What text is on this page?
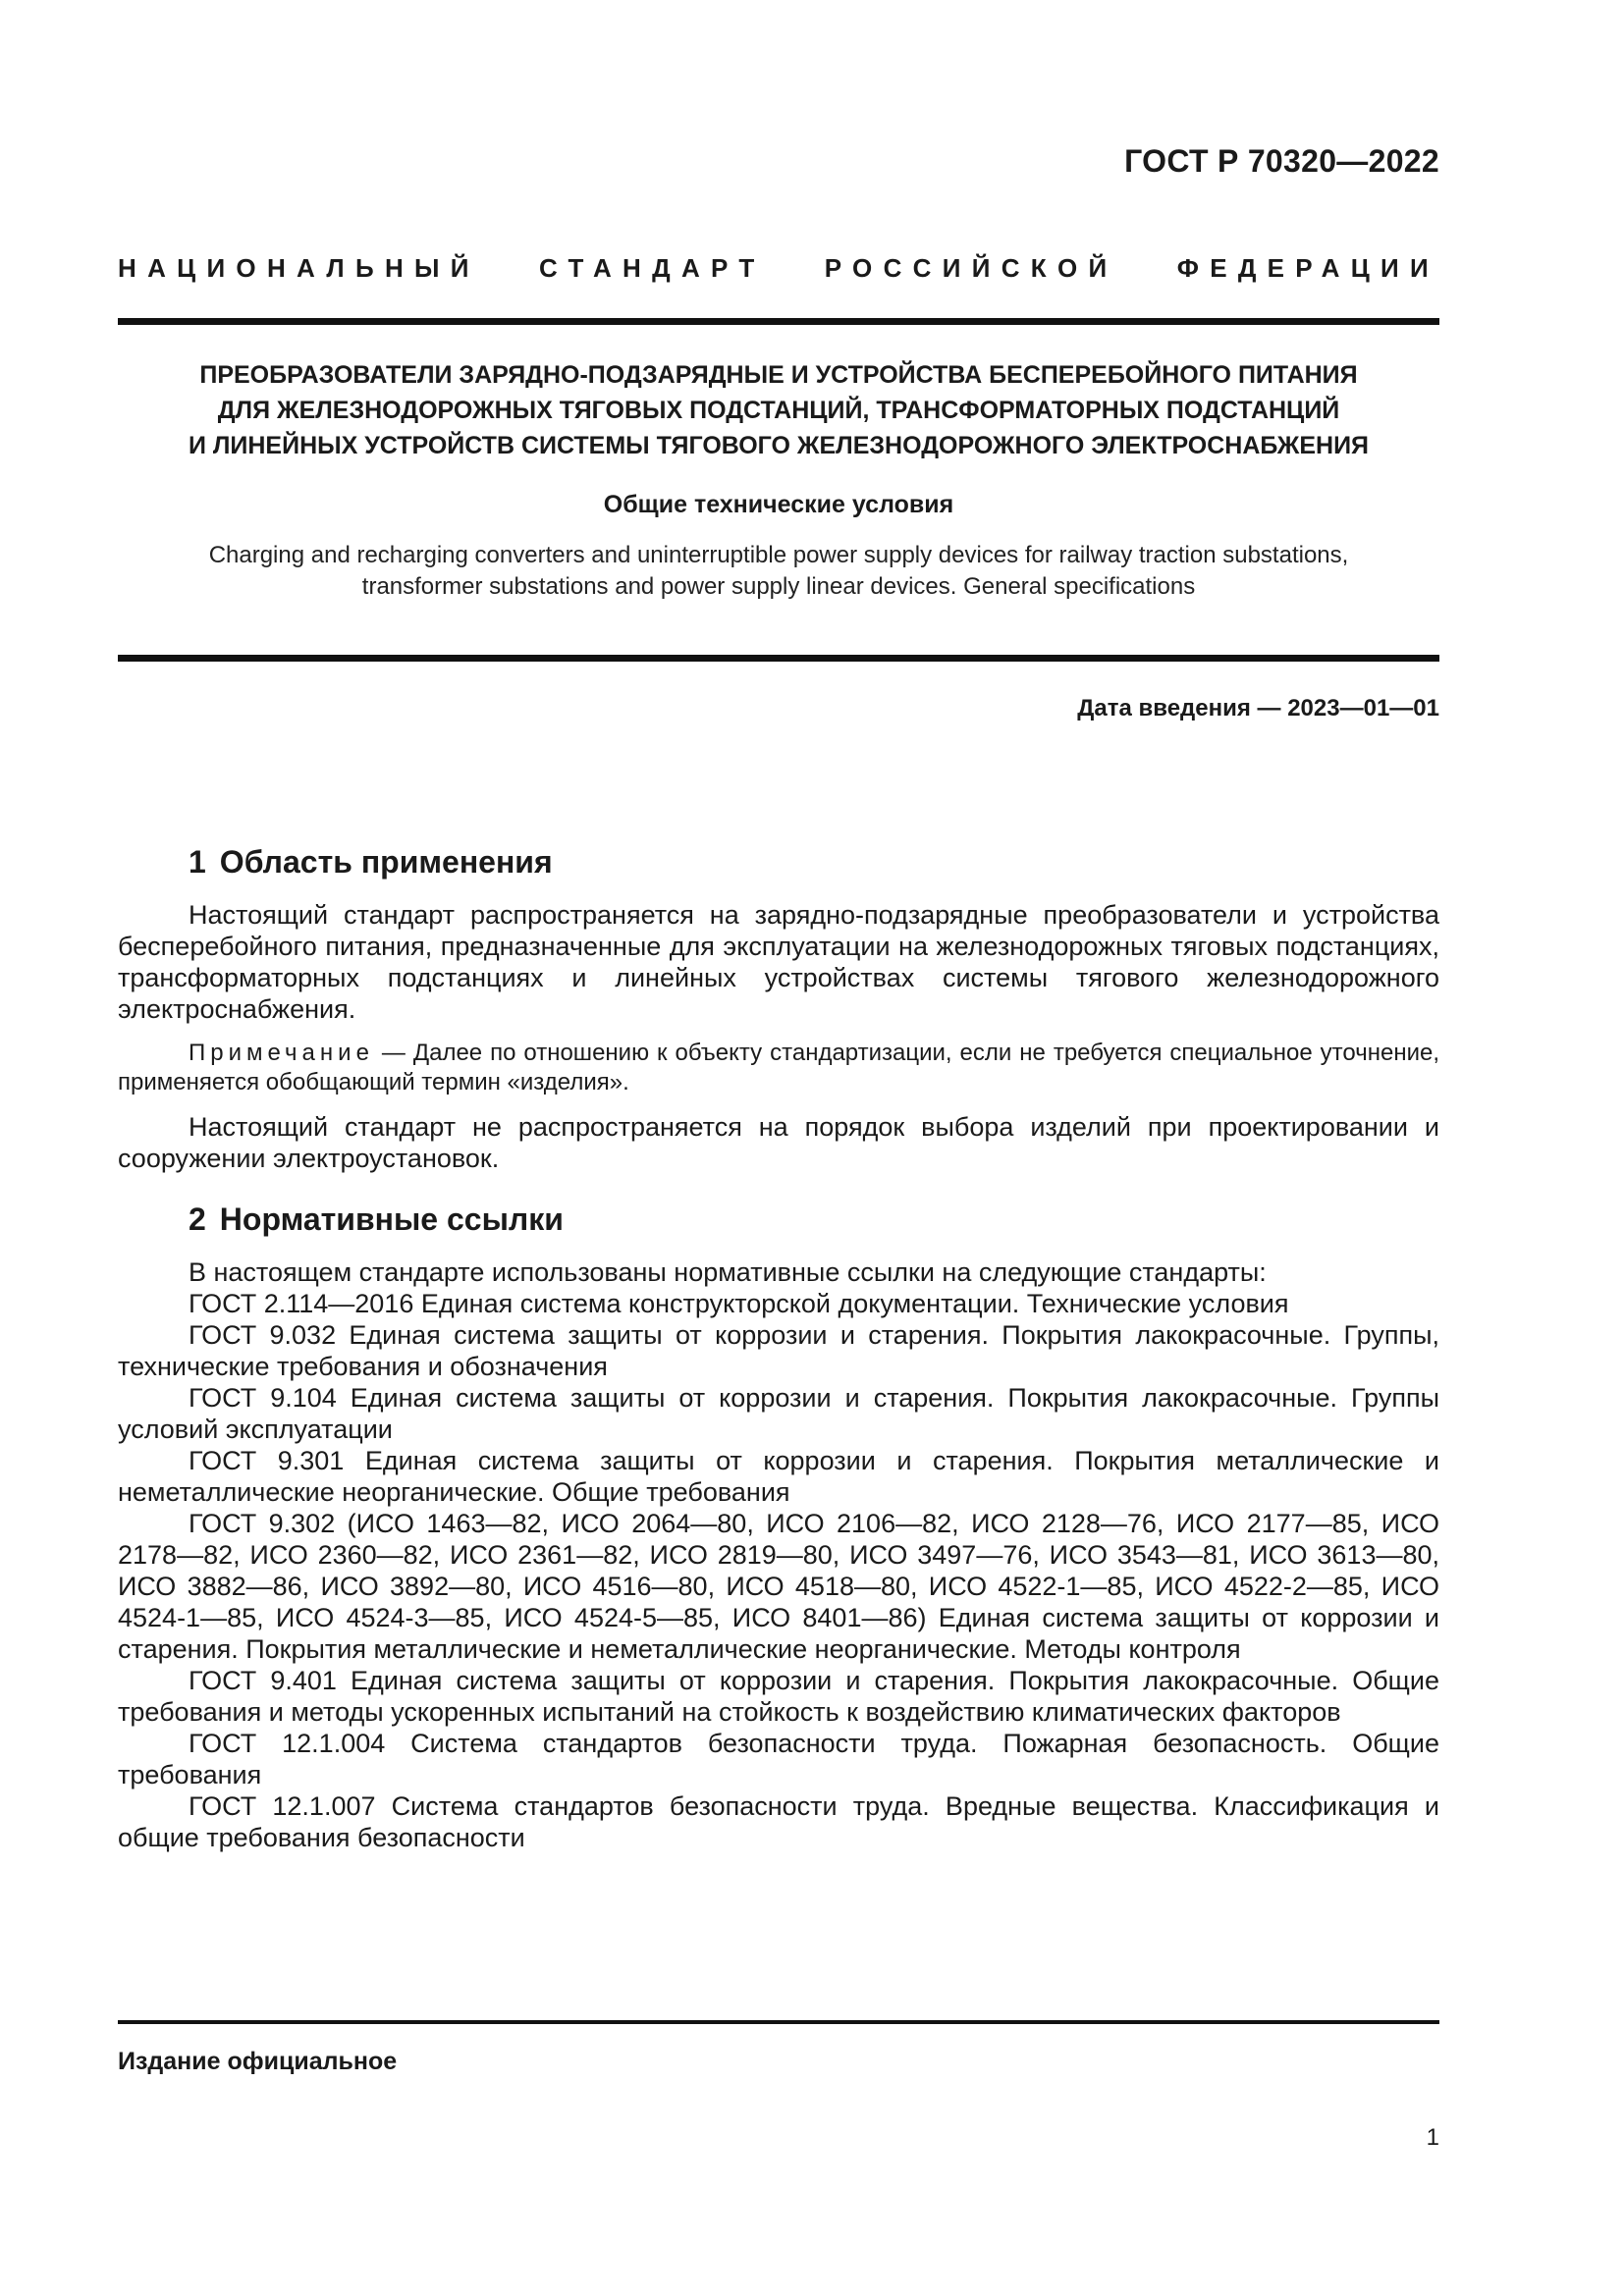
ГОСТ Р 70320—2022
НАЦИОНАЛЬНЫЙ СТАНДАРТ РОССИЙСКОЙ ФЕДЕРАЦИИ
ПРЕОБРАЗОВАТЕЛИ ЗАРЯДНО-ПОДЗАРЯДНЫЕ И УСТРОЙСТВА БЕСПЕРЕБОЙНОГО ПИТАНИЯ
ДЛЯ ЖЕЛЕЗНОДОРОЖНЫХ ТЯГОВЫХ ПОДСТАНЦИЙ, ТРАНСФОРМАТОРНЫХ ПОДСТАНЦИЙ
И ЛИНЕЙНЫХ УСТРОЙСТВ СИСТЕМЫ ТЯГОВОГО ЖЕЛЕЗНОДОРОЖНОГО ЭЛЕКТРОСНАБЖЕНИЯ
Общие технические условия
Charging and recharging converters and uninterruptible power supply devices for railway traction substations,
transformer substations and power supply linear devices. General specifications
Дата введения — 2023—01—01
1 Область применения

Настоящий стандарт распространяется на зарядно-подзарядные преобразователи и устройства бесперебойного питания, предназначенные для эксплуатации на железнодорожных тяговых подстанциях, трансформаторных подстанциях и линейных устройствах системы тягового железнодорожного электроснабжения.

Примечание — Далее по отношению к объекту стандартизации, если не требуется специальное уточнение, применяется обобщающий термин «изделия».

Настоящий стандарт не распространяется на порядок выбора изделий при проектировании и сооружении электроустановок.

2 Нормативные ссылки

В настоящем стандарте использованы нормативные ссылки на следующие стандарты:

ГОСТ 2.114—2016 Единая система конструкторской документации. Технические условия

ГОСТ 9.032 Единая система защиты от коррозии и старения. Покрытия лакокрасочные. Группы, технические требования и обозначения

ГОСТ 9.104 Единая система защиты от коррозии и старения. Покрытия лакокрасочные. Группы условий эксплуатации

ГОСТ 9.301 Единая система защиты от коррозии и старения. Покрытия металлические и неметаллические неорганические. Общие требования

ГОСТ 9.302 (ИСО 1463—82, ИСО 2064—80, ИСО 2106—82, ИСО 2128—76, ИСО 2177—85, ИСО 2178—82, ИСО 2360—82, ИСО 2361—82, ИСО 2819—80, ИСО 3497—76, ИСО 3543—81, ИСО 3613—80, ИСО 3882—86, ИСО 3892—80, ИСО 4516—80, ИСО 4518—80, ИСО 4522-1—85, ИСО 4522-2—85, ИСО 4524-1—85, ИСО 4524-3—85, ИСО 4524-5—85, ИСО 8401—86) Единая система защиты от коррозии и старения. Покрытия металлические и неметаллические неорганические. Методы контроля

ГОСТ 9.401 Единая система защиты от коррозии и старения. Покрытия лакокрасочные. Общие требования и методы ускоренных испытаний на стойкость к воздействию климатических факторов

ГОСТ 12.1.004 Система стандартов безопасности труда. Пожарная безопасность. Общие требования

ГОСТ 12.1.007 Система стандартов безопасности труда. Вредные вещества. Классификация и общие требования безопасности

Издание официальное
1
